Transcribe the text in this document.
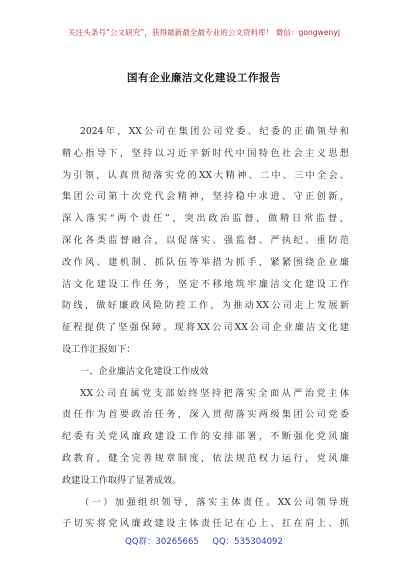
关注头条号“公文研究”，获得最新最全最专业的公文资料库！ 微信：gongwenyj
国有企业廉洁文化建设工作报告
2024年，XX公司在集团公司党委、纪委的正确领导和
精心指导下，坚持以习近平新时代中国特色社会主义思想
为引领，认真贯彻落实党的XX大精神、二中、三中全会、
集团公司第十次党代会精神，坚持稳中求进、守正创新，
深入落实“两个责任”，突出政治监督，做精日常监督，
深化各类监督融合，以促落实、强监督、严执纪、重防范
改作风、建机制、抓队伍等举措为抓手，紧紧围绕企业廉
洁文化建设工作任务，坚定不移地筑牢廉洁文化建设工作
防线，做好廉政风险防控工作，为推动XX公司走上发展新
征程提供了坚强保障。现将XX公司XX公司企业廉洁文化建
设工作汇报如下：
一、企业廉洁文化建设工作成效
XX公司直属党支部始终坚持把落实全面从严治党主体
责任作为首要政治任务，深入贯彻落实两级集团公司党委
纪委有关党风廉政建设工作的安排部署，不断强化党风廉
政教育，健全完善规章制度，依法规范权力运行，党风廉
政建设工作取得了显著成效。
（一）加强组织领导，落实主体责任。XX公司领导班
子切实将党风廉政建设主体责任记在心上、扛在肩上、抓
QQ群：30265665 QQ：535304092
